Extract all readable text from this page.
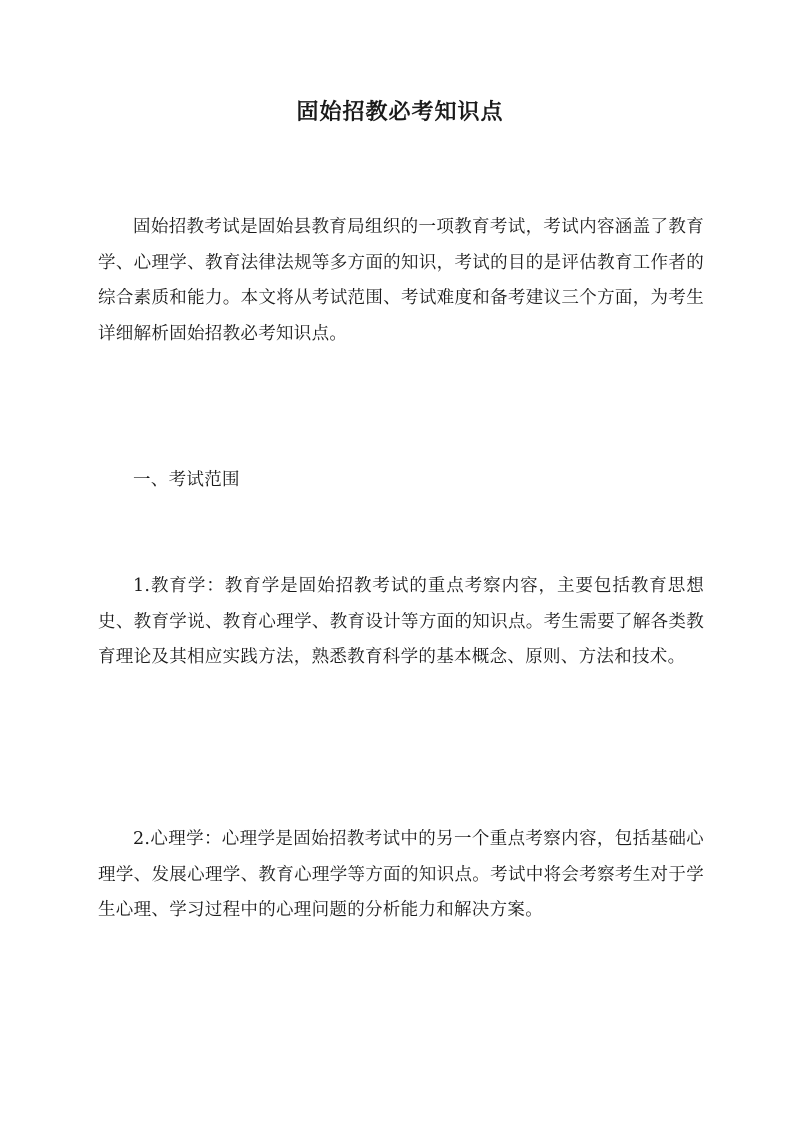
固始招教必考知识点

固始招教考试是固始县教育局组织的一项教育考试，考试内容涵盖了教育学、心理学、教育法律法规等多方面的知识，考试的目的是评估教育工作者的综合素质和能力。本文将从考试范围、考试难度和备考建议三个方面，为考生详细解析固始招教必考知识点。

一、考试范围

1.教育学：教育学是固始招教考试的重点考察内容，主要包括教育思想史、教育学说、教育心理学、教育设计等方面的知识点。考生需要了解各类教育理论及其相应实践方法，熟悉教育科学的基本概念、原则、方法和技术。

2.心理学：心理学是固始招教考试中的另一个重点考察内容，包括基础心理学、发展心理学、教育心理学等方面的知识点。考试中将会考察考生对于学生心理、学习过程中的心理问题的分析能力和解决方案。
